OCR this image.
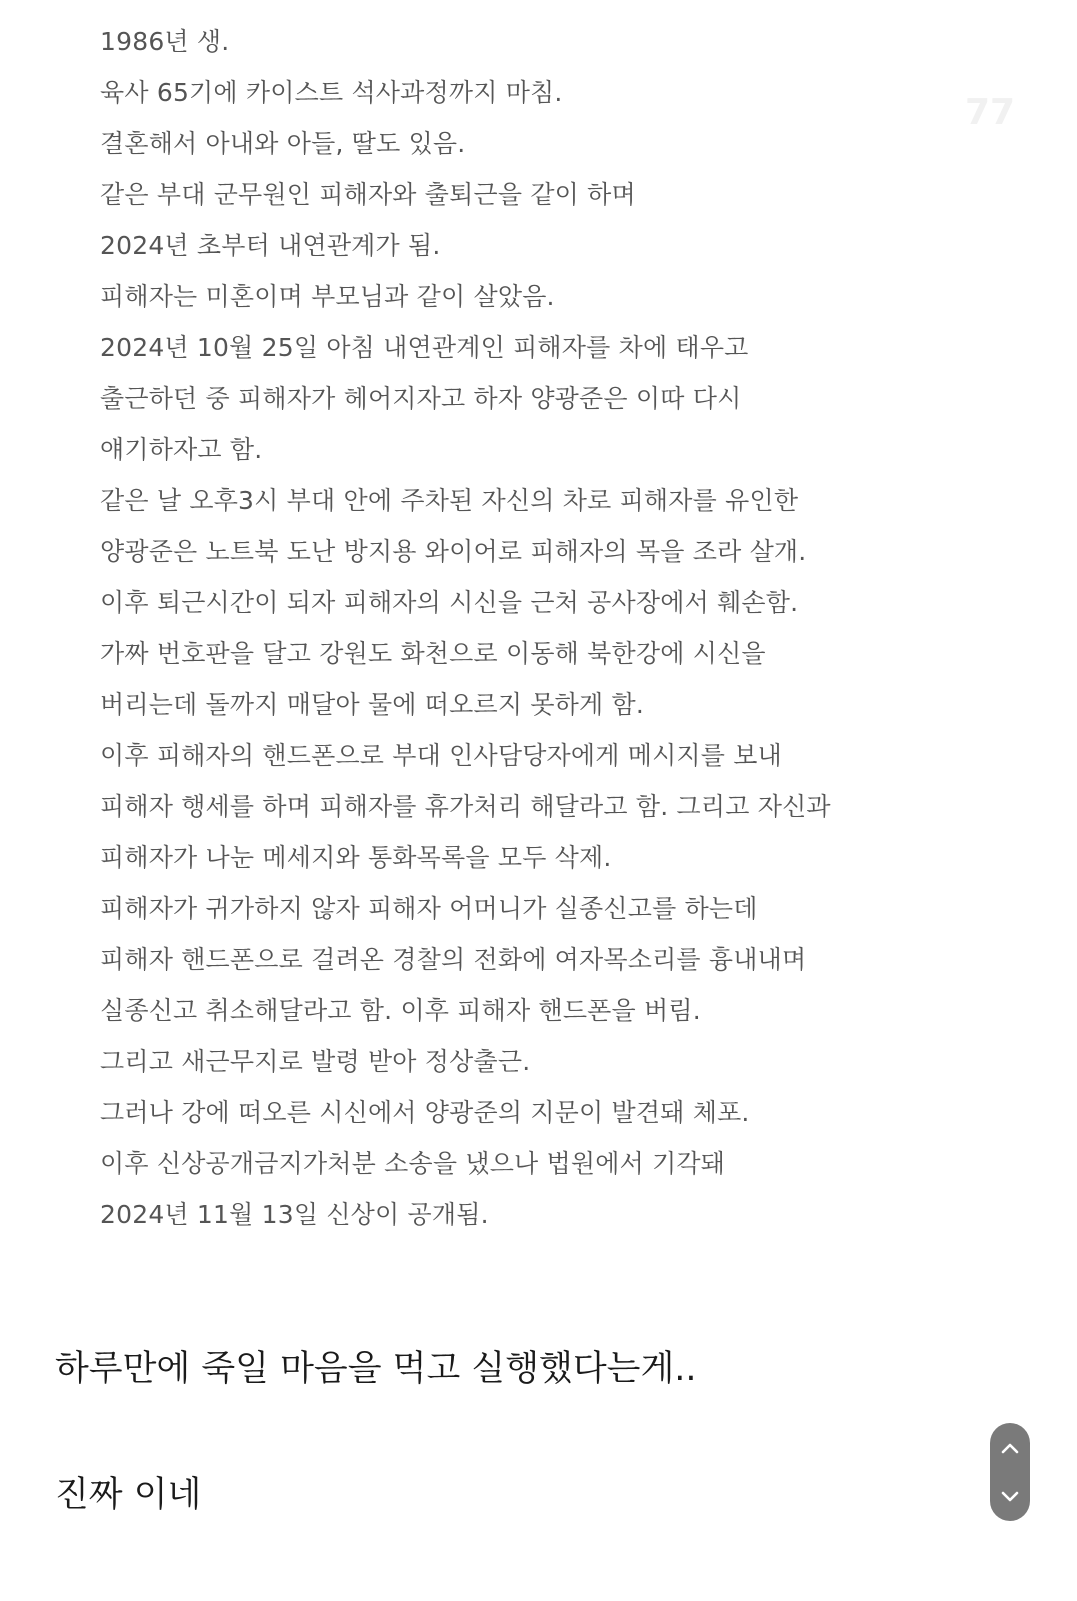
77
1986년 생.
육사 65기에 카이스트 석사과정까지 마침.
결혼해서 아내와 아들, 딸도 있음.
같은 부대 군무원인 피해자와 출퇴근을 같이 하며
2024년 초부터 내연관계가 됨.
피해자는 미혼이며 부모님과 같이 살았음.
2024년 10월 25일 아침 내연관계인 피해자를 차에 태우고
출근하던 중 피해자가 헤어지자고 하자 양광준은 이따 다시
얘기하자고 함.
같은 날 오후3시 부대 안에 주차된 자신의 차로 피해자를 유인한
양광준은 노트북 도난 방지용 와이어로 피해자의 목을 조라 살개.
이후 퇴근시간이 되자 피해자의 시신을 근처 공사장에서 훼손함.
가짜 번호판을 달고 강원도 화천으로 이동해 북한강에 시신을
버리는데 돌까지 매달아 물에 떠오르지 못하게 함.
이후 피해자의 핸드폰으로 부대 인사담당자에게 메시지를 보내
피해자 행세를 하며 피해자를 휴가처리 해달라고 함. 그리고 자신과
피해자가 나눈 메세지와 통화목록을 모두 삭제.
피해자가 귀가하지 않자 피해자 어머니가 실종신고를 하는데
피해자 핸드폰으로 걸려온 경찰의 전화에 여자목소리를 흉내내며
실종신고 취소해달라고 함. 이후 피해자 핸드폰을 버림.
그리고 새근무지로 발령 받아 정상출근.
그러나 강에 떠오른 시신에서 양광준의 지문이 발견돼 체포.
이후 신상공개금지가처분 소송을 냈으나 법원에서 기각돼
2024년 11월 13일 신상이 공개됨.
하루만에 죽일 마음을 먹고 실행했다는게..
진짜 이네
